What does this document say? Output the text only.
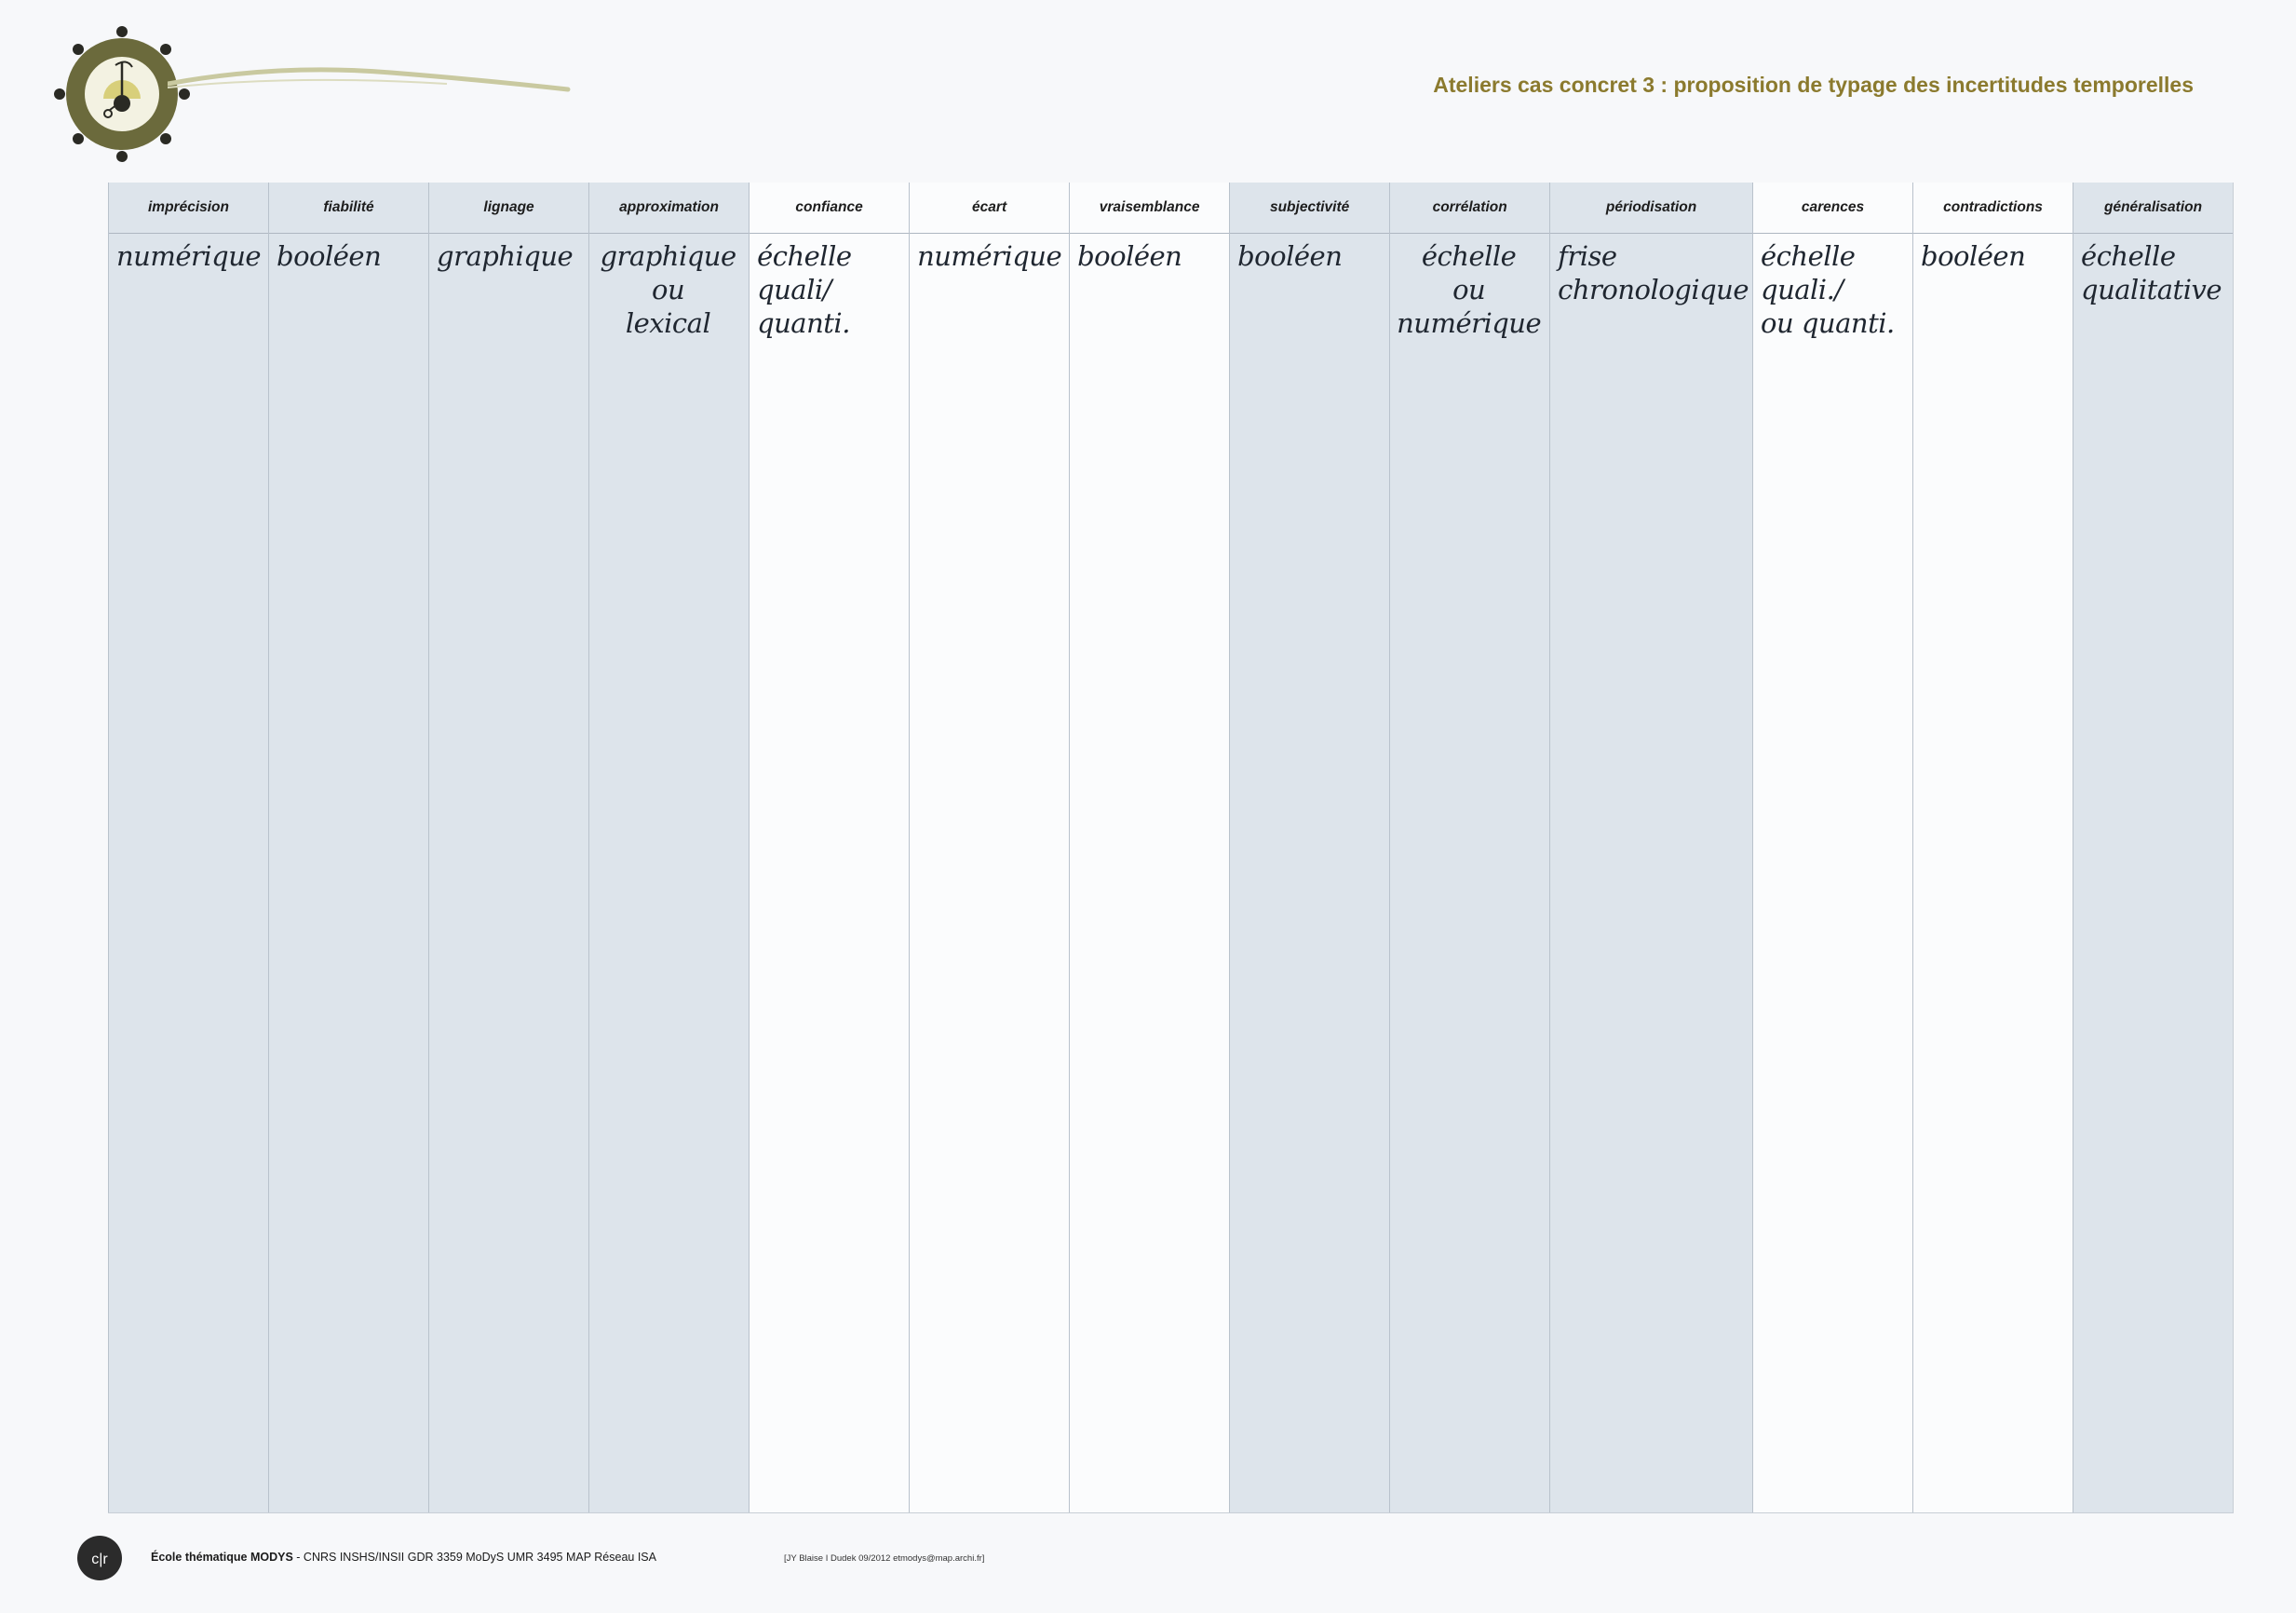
Ateliers cas concret 3 : proposition de typage des incertitudes temporelles
imprécision
numérique
fiabilité
booléen
lignage
graphique
approximation
graphique
ou
lexical
confiance
échelle
quali/
quanti.
écart
numérique
vraisemblance
booléen
subjectivité
booléen
corrélation
échelle
ou
numérique
périodisation
frise
chronologique
carences
échelle
quali./
ou quanti.
contradictions
booléen
généralisation
échelle
qualitative
c|r	École thématique MODYS - CNRS INSHS/INSII GDR 3359 MoDyS UMR 3495 MAP Réseau ISA	[JY Blaise I Dudek 09/2012 etmodys@map.archi.fr]
